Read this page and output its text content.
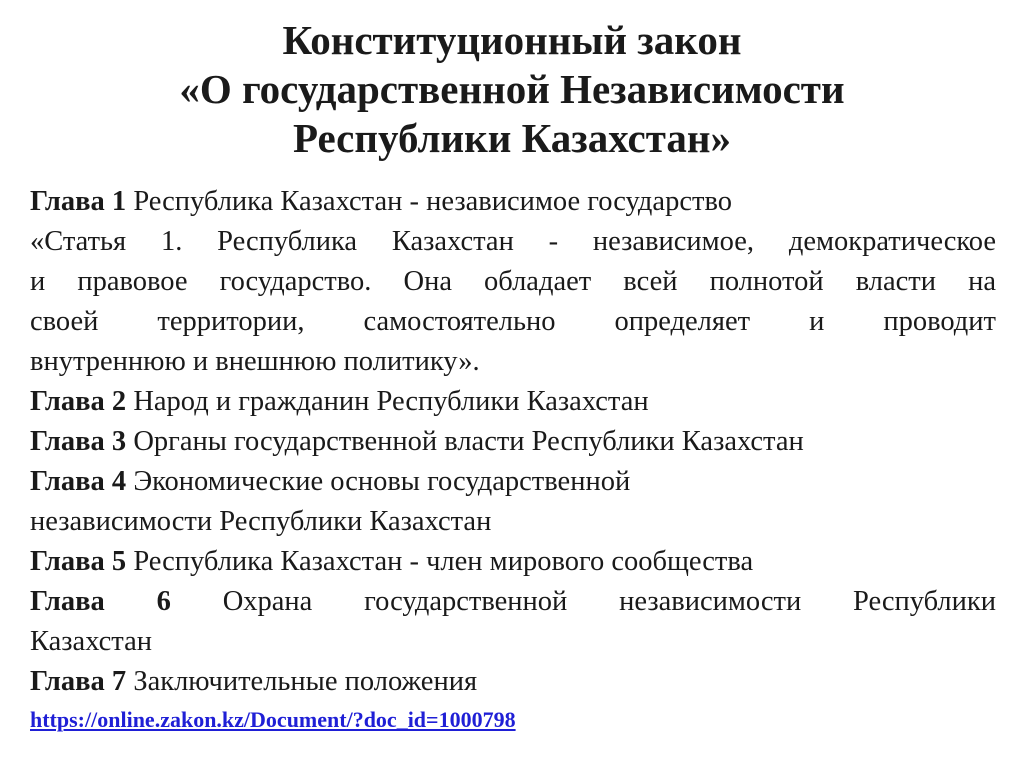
Конституционный закон
«О государственной Независимости
Республики Казахстан»
Глава 1 Республика Казахстан - независимое государство
«Статья 1. Республика Казахстан - независимое, демократическое
и правовое государство. Она обладает всей полнотой власти на
своей территории, самостоятельно определяет и проводит
внутреннюю и внешнюю политику».
Глава 2 Народ и гражданин Республики Казахстан
Глава 3 Органы государственной власти Республики Казахстан
Глава 4 Экономические основы государственной
независимости Республики Казахстан
Глава 5 Республика Казахстан - член мирового сообщества
Глава 6 Охрана государственной независимости Республики
Казахстан
Глава 7 Заключительные положения
https://online.zakon.kz/Document/?doc_id=1000798
